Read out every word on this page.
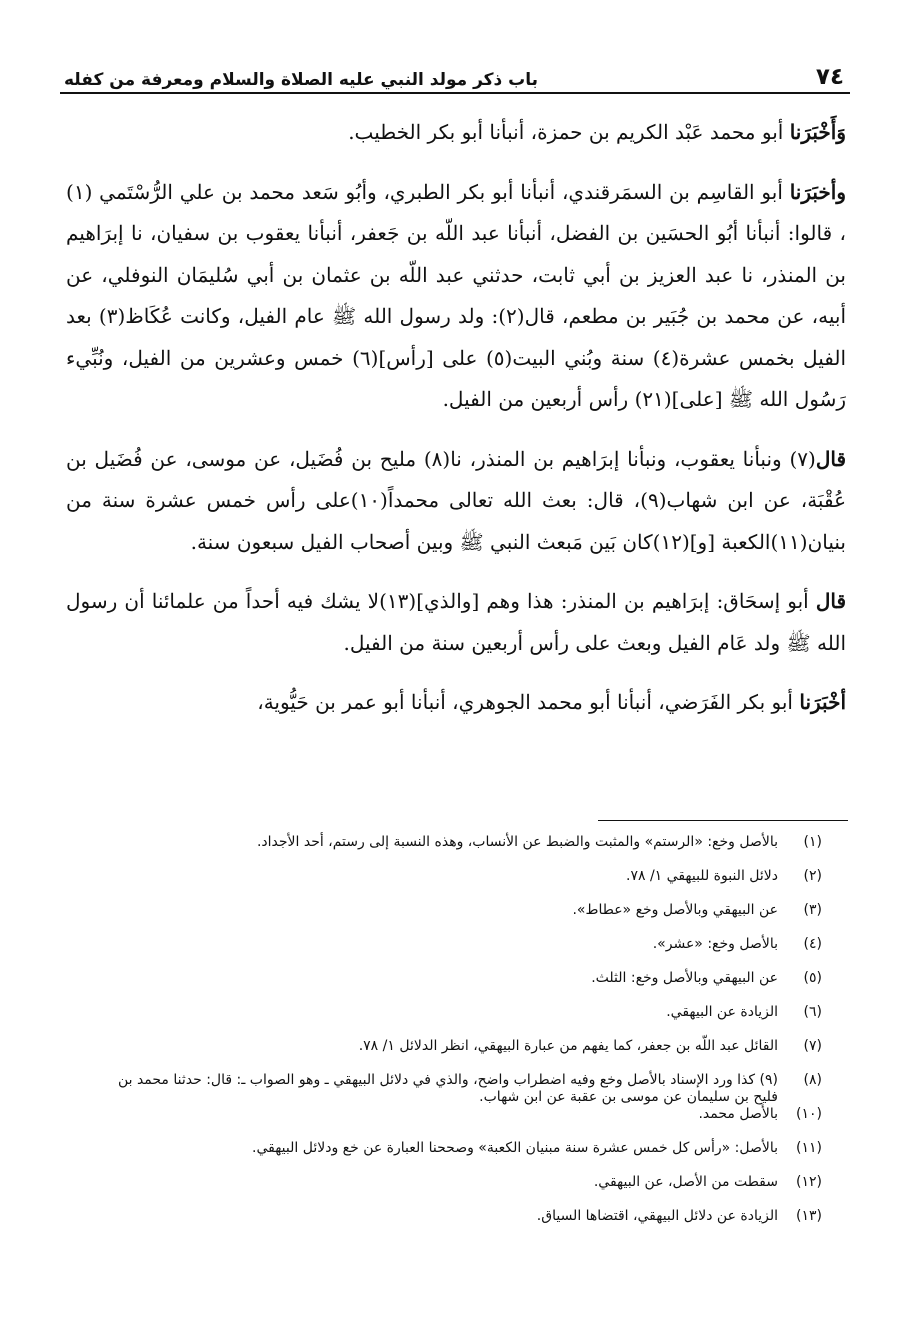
٧٤
باب ذكر مولد النبي عليه الصلاة والسلام ومعرفة من كفله

وَأَخْبَرَنا أبو محمد عَبْد الكريم بن حمزة، أنبأنا أبو بكر الخطيب.

وأخبَرَنا أبو القاسِم بن السمَرقندي، أنبأنا أبو بكر الطبري، وأبُو سَعد محمد بن علي الرُّسْتَمي (١) ، قالوا: أنبأنا أبُو الحسَين بن الفضل، أنبأنا عبد اللّه بن جَعفر، أنبأنا يعقوب بن سفيان، نا إبرَاهيم بن المنذر، نا عبد العزيز بن أبي ثابت، حدثني عبد اللّه بن عثمان بن أبي سُليمَان النوفلي، عن أبيه، عن محمد بن جُبَير بن مطعم، قال(٢): ولد رسول الله ﷺ عام الفيل، وكانت عُكَاظ(٣) بعد الفيل بخمس عشرة(٤) سنة وبُني البيت(٥) على [رأس](٦) خمس وعشرين من الفيل، ونُبِّيء رَسُول الله ﷺ [على](٢١) رأس أربعين من الفيل.

قال(٧) ونبأنا يعقوب، ونبأنا إبرَاهيم بن المنذر، نا(٨) مليح بن فُضَيل، عن موسى، عن فُضَيل بن عُقْبَة، عن ابن شهاب(٩)، قال: بعث الله تعالى محمداً(١٠)على رأس خمس عشرة سنة من بنيان(١١)الكعبة [و](١٢)كان بَين مَبعث النبي ﷺ وبين أصحاب الفيل سبعون سنة.

قال أبو إسحَاق: إبرَاهيم بن المنذر: هذا وهم [والذي](١٣)لا يشك فيه أحداً من علمائنا أن رسول الله ﷺ ولد عَام الفيل وبعث على رأس أربعين سنة من الفيل.

أخْبَرَنا أبو بكر الفَرَضي، أنبأنا أبو محمد الجوهري، أنبأنا أبو عمر بن حَيُّوية،

(١)
بالأصل وخع: «الرستم» والمثبت والضبط عن الأنساب، وهذه النسبة إلى رستم، أحد الأجداد.
(٢)
دلائل النبوة للبيهقي ١/ ٧٨.
(٣)
عن البيهقي وبالأصل وخع «عطاط».
(٤)
بالأصل وخع: «عشر».
(٥)
عن البيهقي وبالأصل وخع: الثلث.
(٦)
الزيادة عن البيهقي.
(٧)
القائل عبد اللّه بن جعفر، كما يفهم من عبارة البيهقي، انظر الدلائل ١/ ٧٨.
(٨)
(٩) كذا ورد الإسناد بالأصل وخع وفيه اضطراب واضح، والذي في دلائل البيهقي ـ وهو الصواب ـ: قال: حدثنا محمد بن فليح بن سليمان عن موسى بن عقبة عن ابن شهاب.
(١٠)
بالأصل محمد.
(١١)
بالأصل: «رأس كل خمس عشرة سنة مبنيان الكعبة» وصححنا العبارة عن خع ودلائل البيهقي.
(١٢)
سقطت من الأصل، عن البيهقي.
(١٣)
الزيادة عن دلائل البيهقي، اقتضاها السياق.
